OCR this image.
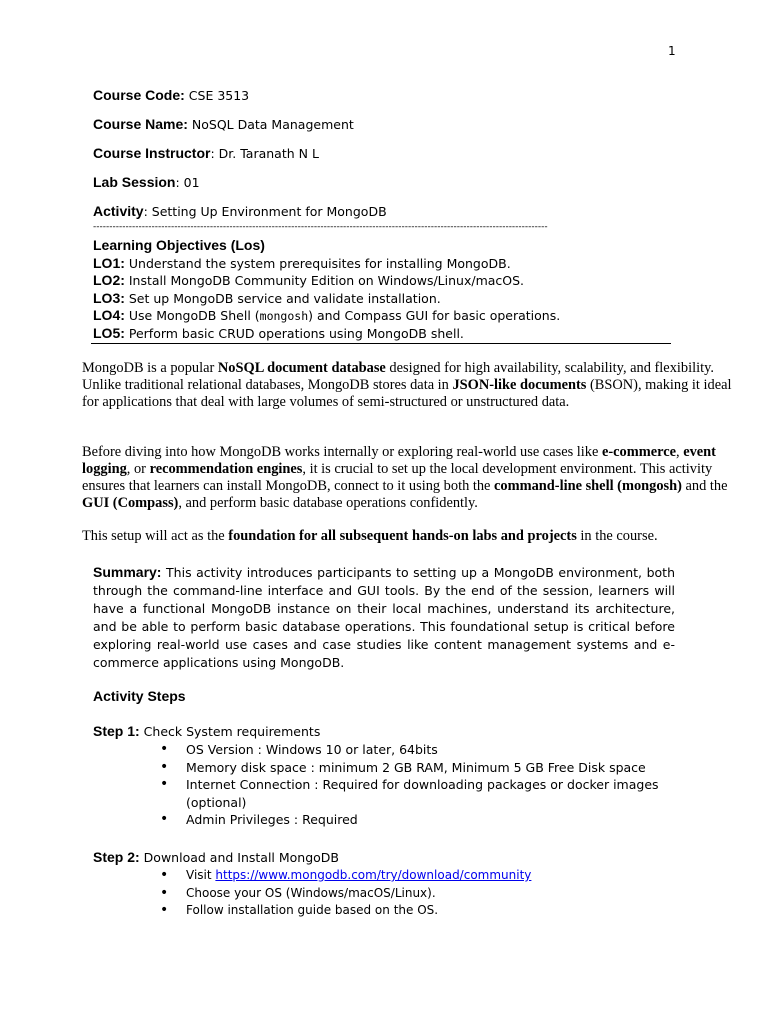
1
Course Code: CSE 3513
Course Name: NoSQL Data Management
Course Instructor: Dr. Taranath N L
Lab Session: 01
Activity: Setting Up Environment for MongoDB
--------------------------------------------------------------------------------------------------------------------------------------------
Learning Objectives (Los)
LO1: Understand the system prerequisites for installing MongoDB.
LO2: Install MongoDB Community Edition on Windows/Linux/macOS.
LO3: Set up MongoDB service and validate installation.
LO4: Use MongoDB Shell (mongosh) and Compass GUI for basic operations.
LO5: Perform basic CRUD operations using MongoDB shell.
MongoDB is a popular NoSQL document database designed for high availability, scalability, and flexibility. Unlike traditional relational databases, MongoDB stores data in JSON-like documents (BSON), making it ideal for applications that deal with large volumes of semi-structured or unstructured data.
Before diving into how MongoDB works internally or exploring real-world use cases like e-commerce, event logging, or recommendation engines, it is crucial to set up the local development environment. This activity ensures that learners can install MongoDB, connect to it using both the command-line shell (mongosh) and the GUI (Compass), and perform basic database operations confidently.
This setup will act as the foundation for all subsequent hands-on labs and projects in the course.
Summary: This activity introduces participants to setting up a MongoDB environment, both through the command-line interface and GUI tools. By the end of the session, learners will have a functional MongoDB instance on their local machines, understand its architecture, and be able to perform basic database operations. This foundational setup is critical before exploring real-world use cases and case studies like content management systems and e-commerce applications using MongoDB.
Activity Steps
Step 1: Check System requirements
• OS Version : Windows 10 or later, 64bits
• Memory disk space : minimum 2 GB RAM, Minimum 5 GB Free Disk space
• Internet Connection : Required for downloading packages or docker images (optional)
• Admin Privileges : Required
Step 2: Download and Install MongoDB
• Visit https://www.mongodb.com/try/download/community
• Choose your OS (Windows/macOS/Linux).
• Follow installation guide based on the OS.
